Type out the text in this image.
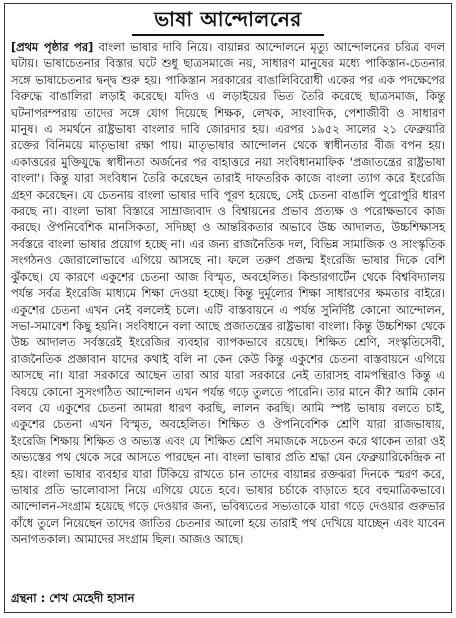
ভাষা আন্দোলনের

[প্রথম পৃষ্ঠার পর] বাংলা ভাষার দাবি নিয়ে। বায়ান্নর আন্দোলনে মৃত্যু আন্দোলনের চরিত্র বদল ঘটায়। ভাষাচেতনার বিস্তার ঘটে শুধু ছাত্রসমাজে নয়, সাধারণ মানুষের মধ্যে পাকিস্তান-চেতনার সঙ্গে ভাষাচেতনার দ্বন্দ্ব শুরু হয়। পাকিস্তান সরকারের বাঙালিবিরোধী একের পর এক পদক্ষেপের বিরুদ্ধে বাঙালিরা লড়াই করেছে। যদিও এ লড়াইয়ের ভিত তৈরি করেছে ছাত্রসমাজ, কিন্তু ঘটনাপরম্পরায় তাদের সঙ্গে যোগ দিয়েছে শিক্ষক, লেখক, সাংবাদিক, পেশাজীবী ও সাধারণ মানুষ। এ সমর্থনে রাষ্ট্রভাষা বাংলার দাবি জোরদার হয়। এরপর ১৯৫২ সালের ২১ ফেব্রুয়ারি রক্তের বিনিময়ে মাতৃভাষা রক্ষা পায়। মাতৃভাষার আন্দোলন থেকে স্বাধীনতার বীজ বপন হয়। একাত্তরের মুক্তিযুদ্ধে স্বাধীনতা অর্জনের পর বাহাত্তরে নয়া সংবিধানমাফিক 'প্রজাতন্ত্রের রাষ্ট্রভাষা বাংলা'। কিন্তু যারা সংবিধান তৈরি করেছেন তারাই দাফতরিক কাজে বাংলা ত্যাগ করে ইংরেজি গ্রহণ করেছেন। যে চেতনায় বাংলা ভাষার দাবি পূরণ হয়েছে, সেই চেতনা বাঙালি পুরোপুরি ধারণ করছে না। বাংলা ভাষা বিস্তারে সাম্রাজ্যবাদ ও বিশ্বায়নের প্রভাব প্রত্যক্ষ ও পরোক্ষভাবে কাজ করছে। ঔপনিবেশিক মানসিকতা, সদিচ্ছা ও আন্তরিকতার অভাবে উচ্চ আদালত, উচ্চশিক্ষাসহ সর্বস্তরে বাংলা ভাষার প্রয়োগ হচ্ছে না। এর জন্য রাজনৈতিক দল, বিভিন্ন সামাজিক ও সাংস্কৃতিক সংগঠনও জোরালোভাবে এগিয়ে আসছে না। ফলে তরুণ প্রজন্ম ইংরেজি ভাষার দিকে বেশি ঝুঁকছে। যে কারণে একুশের চেতনা আজ বিস্মৃত, অবহেলিত। কিন্ডারগার্টেন থেকে বিশ্ববিদ্যালয় পর্যন্ত সর্বত্র ইংরেজি মাধ্যমে শিক্ষা দেওয়া হচ্ছে। কিন্তু দুর্মূল্যের শিক্ষা সাধারণের ক্ষমতার বাইরে। একুশের চেতনা এখন নেই বললেই চলে। এটি বাস্তবায়নে এ পর্যন্ত সুনির্দিষ্ট কোনো আন্দোলন, সভা-সমাবেশ কিছু হয়নি। সংবিধানে বলা আছে প্রজাতন্ত্রের রাষ্ট্রভাষা বাংলা। কিন্তু উচ্চশিক্ষা থেকে উচ্চ আদালত সর্বস্তরেই ইংরেজির ব্যবহার ব্যাপকভাবে রয়েছে। শিক্ষিত শ্রেণি, সংস্কৃতিসেবী, রাজনৈতিক প্রজ্ঞাবান যাদের কথাই বলি না কেন কেউ কিন্তু একুশের চেতনা বাস্তবায়নে এগিয়ে আসছে না। যারা সরকারে আছেন তারা আর যারা সরকারে নেই তারাসহ বামপন্থিরাও কিন্তু এ বিষয়ে কোনো সুসংগঠিত আন্দোলন এখন পর্যন্ত গড়ে তুলতে পারেনি। তার মানে কী? আমি কোন বলব যে একুশের চেতনা আমরা ধারণ করছি, লালন করছি। আমি স্পষ্ট ভাষায় বলতে চাই, একুশের চেতনা এখন বিস্মৃত, অবহেলিত। শিক্ষিত ও ঔপনিবেশিক শ্রেণি যারা রাজভাষায়, ইংরেজি শিক্ষায় শিক্ষিত ও অভ্যস্ত এবং যে শিক্ষিত শ্রেণি সমাজকে সচেতন করে থাকেন তারা ওই অভ্যস্তের পথ থেকে সরে আসতে পারছেন না। বাংলা ভাষার প্রতি শ্রদ্ধা যেন ফেব্রুয়ারিকেন্দ্রিক না হয়। বাংলা ভাষার ব্যবহার যারা টিকিয়ে রাখতে চান তাদের বায়ান্নর রক্তঝরা দিনকে স্মরণ করে, ভাষার প্রতি ভালোবাসা নিয়ে এগিয়ে যেতে হবে। ভাষার চর্চাকে বাড়াতে হবে বহুমাত্রিকভাবে। আন্দোলন-সংগ্রাম হয়েছে গড়ে দেওয়ার জন্য, ভবিষ্যতের সভ্যতাকে যারা গড়ে দেওয়ার গুরুভার কাঁধে তুলে নিয়েছেন তাদের জাতির চেতনার আলো হয়ে তারাই পথ দেখিয়ে যাচ্ছেন এবং যাবেন অনাগতকাল। আমাদের সংগ্রাম ছিল। আজও আছে।

গ্রন্থনা : শেখ মেহেদী হাসান
